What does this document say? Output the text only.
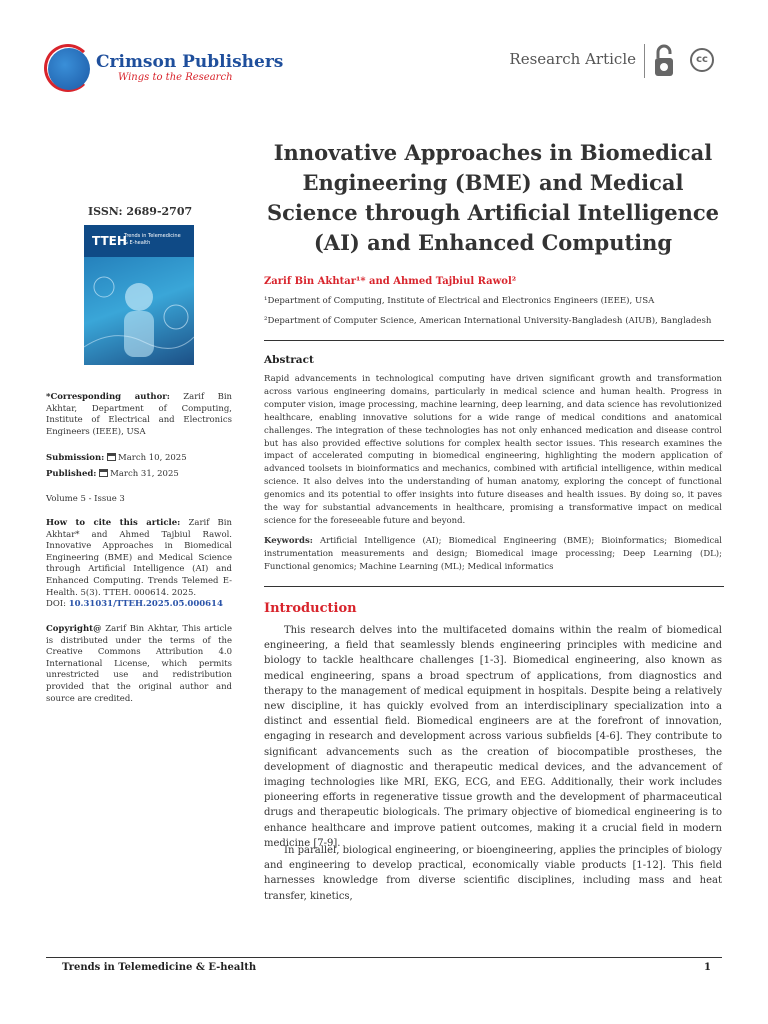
Crimson Publishers
Wings to the Research
Research Article	cc
Innovative Approaches in Biomedical Engineering (BME) and Medical Science through Artificial Intelligence (AI) and Enhanced Computing
Zarif Bin Akhtar¹* and Ahmed Tajbiul Rawol²
¹Department of Computing, Institute of Electrical and Electronics Engineers (IEEE), USA
²Department of Computer Science, American International University-Bangladesh (AIUB), Bangladesh
ISSN: 2689-2707
TTEH
Trends in Telemedicine & E-health
*Corresponding author: Zarif Bin Akhtar, Department of Computing, Institute of Electrical and Electronics Engineers (IEEE), USA
Submission: March 10, 2025
Published: March 31, 2025
Volume 5 - Issue 3
How to cite this article: Zarif Bin Akhtar* and Ahmed Tajbiul Rawol. Innovative Approaches in Biomedical Engineering (BME) and Medical Science through Artificial Intelligence (AI) and Enhanced Computing. Trends Telemed E-Health. 5(3). TTEH. 000614. 2025.
DOI: 10.31031/TTEH.2025.05.000614
Copyright@ Zarif Bin Akhtar, This article is distributed under the terms of the Creative Commons Attribution 4.0 International License, which permits unrestricted use and redistribution provided that the original author and source are credited.
Abstract
Rapid advancements in technological computing have driven significant growth and transformation across various engineering domains, particularly in medical science and human health. Progress in computer vision, image processing, machine learning, deep learning, and data science has revolutionized healthcare, enabling innovative solutions for a wide range of medical conditions and anatomical challenges. The integration of these technologies has not only enhanced medication and disease control but has also provided effective solutions for complex health sector issues. This research examines the impact of accelerated computing in biomedical engineering, highlighting the modern application of advanced toolsets in bioinformatics and mechanics, combined with artificial intelligence, within medical science. It also delves into the understanding of human anatomy, exploring the concept of functional genomics and its potential to offer insights into future diseases and health issues. By doing so, it paves the way for substantial advancements in healthcare, promising a transformative impact on medical science for the foreseeable future and beyond.
Keywords: Artificial Intelligence (AI); Biomedical Engineering (BME); Bioinformatics; Biomedical instrumentation measurements and design; Biomedical image processing; Deep Learning (DL); Functional genomics; Machine Learning (ML); Medical informatics
Introduction
This research delves into the multifaceted domains within the realm of biomedical engineering, a field that seamlessly blends engineering principles with medicine and biology to tackle healthcare challenges [1-3]. Biomedical engineering, also known as medical engineering, spans a broad spectrum of applications, from diagnostics and therapy to the management of medical equipment in hospitals. Despite being a relatively new discipline, it has quickly evolved from an interdisciplinary specialization into a distinct and essential field. Biomedical engineers are at the forefront of innovation, engaging in research and development across various subfields [4-6]. They contribute to significant advancements such as the creation of biocompatible prostheses, the development of diagnostic and therapeutic medical devices, and the advancement of imaging technologies like MRI, EKG, ECG, and EEG. Additionally, their work includes pioneering efforts in regenerative tissue growth and the development of pharmaceutical drugs and therapeutic biologicals. The primary objective of biomedical engineering is to enhance healthcare and improve patient outcomes, making it a crucial field in modern medicine [7-9].
In parallel, biological engineering, or bioengineering, applies the principles of biology and engineering to develop practical, economically viable products [1-12]. This field harnesses knowledge from diverse scientific disciplines, including mass and heat transfer, kinetics,
Trends in Telemedicine & E-health	1
